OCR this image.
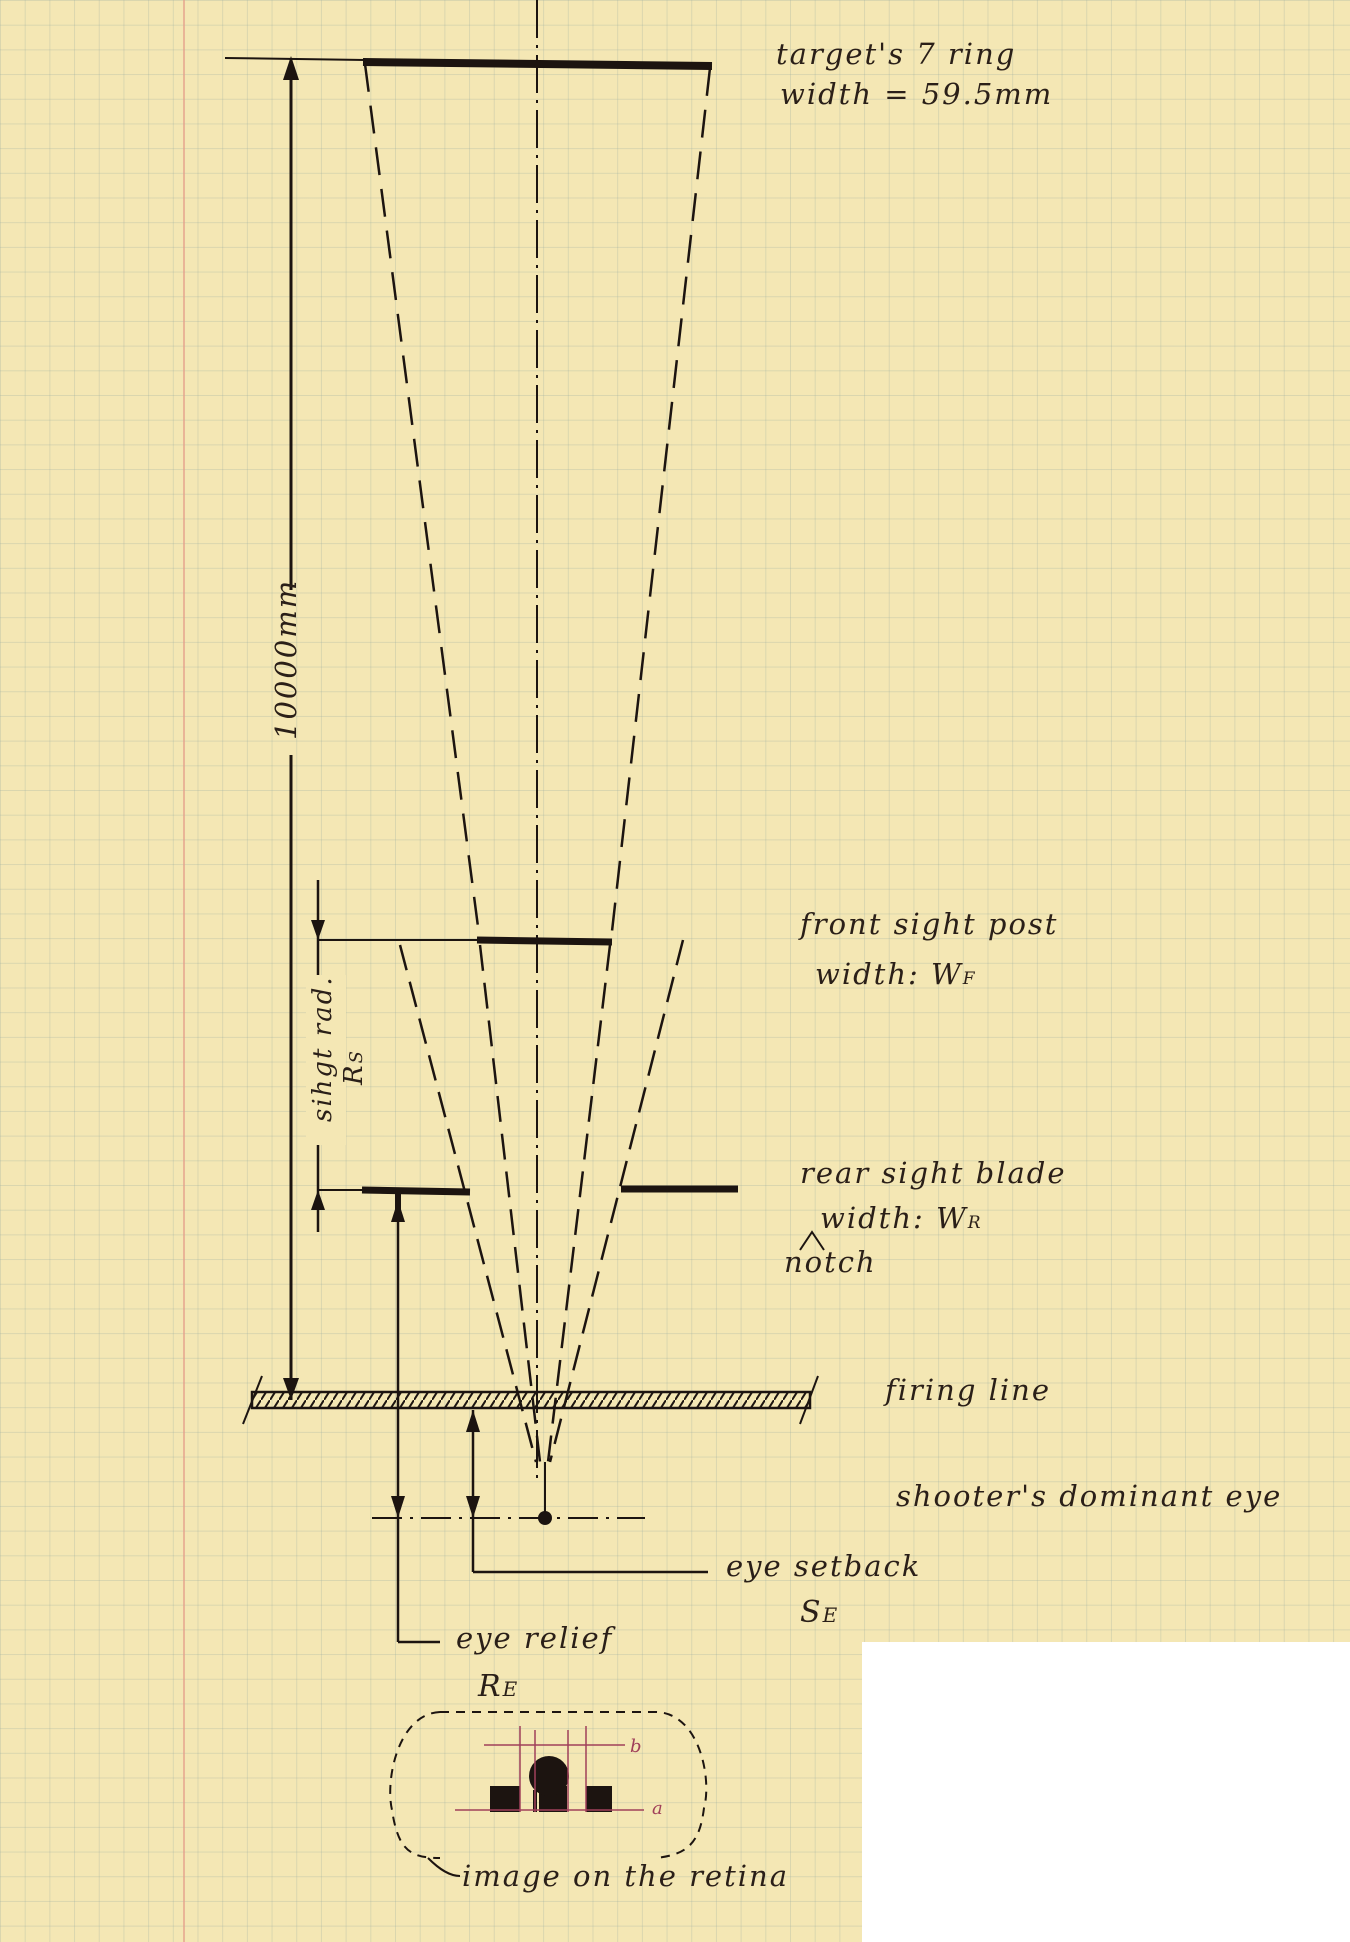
10000mm
sihgt rad. RS
b
a
target's 7 ring
width = 59.5mm
front sight post
width: WF
rear sight blade
width: WR
notch
firing line
shooter's dominant eye
eye setback
SE
eye relief
RE
image on the retina
